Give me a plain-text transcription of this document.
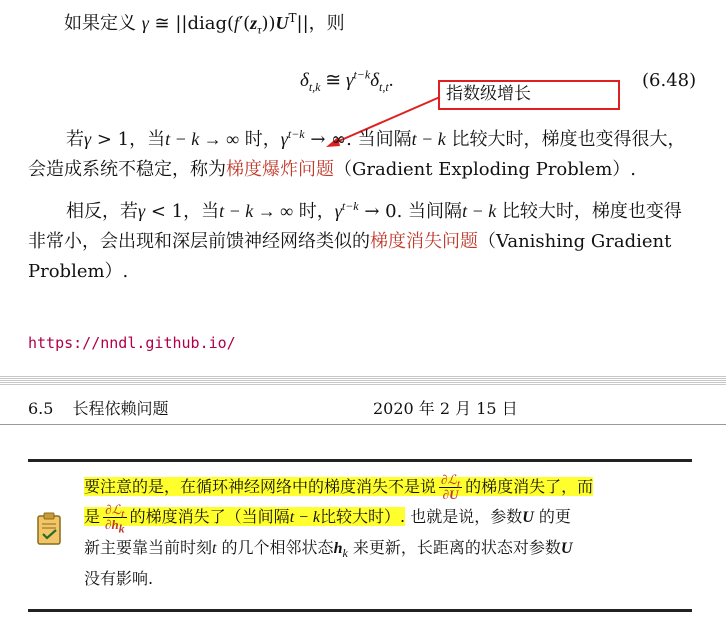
如果定义 γ ≅ $||diag(f'(z_\tau))U^T||$，则
$\delta_{t,k}$ ≅ $\gamma^{t-k}\delta_{t,t}$.	(6.48)
指数级增长
若γ > 1，当t − k → ∞ 时，$\gamma^{t-k}$ → ∞. 当间隔t − k 比较大时，梯度也变得很大，会造成系统不稳定，称为梯度爆炸问题（Gradient Exploding Problem）.
相反，若γ < 1，当t − k → ∞ 时，$\gamma^{t-k} \to 0$. 当间隔t − k 比较大时，梯度也变得非常小，会出现和深层前馈神经网络类似的梯度消失问题（Vanishing Gradient Problem）.
https://nndl.github.io/
6.5 长程依赖问题	2020 年 2 月 15 日
要注意的是，在循环神经网络中的梯度消失不是说 $\frac{\text{∂ℒt}}{\partial U}$ 的梯度消失了，而
是 $\frac{\text{∂ℒt}}{\partial hk}$ 的梯度消失了（当间隔t − k比较大时）. 也就是说，参数U 的更
新主要靠当前时刻t 的几个相邻状态$h_k$ 来更新，长距离的状态对参数U
没有影响.
